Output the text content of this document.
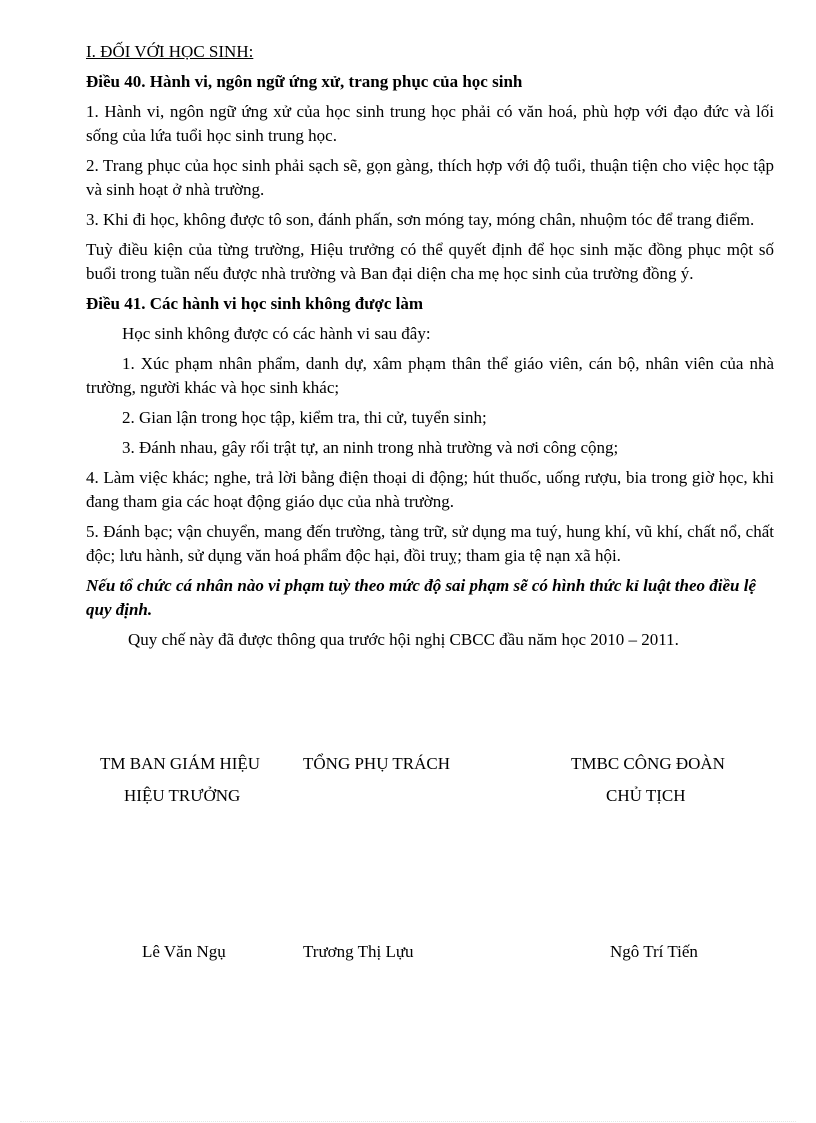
I. ĐỐI VỚI HỌC SINH:

Điều 40. Hành vi, ngôn ngữ ứng xử, trang phục của học sinh

1. Hành vi, ngôn ngữ ứng xử của học sinh trung học phải có văn hoá, phù hợp với đạo đức và lối sống của lứa tuổi học sinh trung học.

2. Trang phục của học sinh phải sạch sẽ, gọn gàng, thích hợp với độ tuổi, thuận tiện cho việc học tập và sinh hoạt ở nhà trường.

3. Khi đi học, không được tô son, đánh phấn, sơn móng tay, móng chân, nhuộm tóc để trang điểm.

Tuỳ điều kiện của từng trường, Hiệu trưởng có thể quyết định để học sinh mặc đồng phục một số buổi trong tuần nếu được nhà trường và Ban đại diện cha mẹ học sinh của trường đồng ý.

Điều 41. Các hành vi học sinh không được làm

Học sinh không được có các hành vi sau đây:

1. Xúc phạm nhân phẩm, danh dự, xâm phạm thân thể giáo viên, cán bộ, nhân viên của nhà trường, người khác và học sinh khác;

2. Gian lận trong học tập, kiểm tra, thi cử, tuyển sinh;

3. Đánh nhau, gây rối trật tự, an ninh trong nhà trường và nơi công cộng;

4. Làm việc khác; nghe, trả lời bằng điện thoại di động; hút thuốc, uống rượu, bia trong giờ học, khi đang tham gia các hoạt động giáo dục của nhà trường.

5. Đánh bạc; vận chuyển, mang đến trường, tàng trữ, sử dụng ma tuý, hung khí, vũ khí, chất nổ, chất độc; lưu hành, sử dụng văn hoá phẩm độc hại, đồi truỵ; tham gia tệ nạn xã hội.

Nếu tổ chức cá nhân nào vi phạm tuỳ theo mức độ sai phạm sẽ có hình thức kỉ luật theo điều lệ quy định.

Quy chế này đã được thông qua trước hội nghị CBCC đầu năm học 2010 – 2011.

TM BAN GIÁM HIỆU
HIỆU TRƯỞNG
Lê Văn Ngụ
TỔNG PHỤ TRÁCH
Trương Thị Lựu
TMBC CÔNG ĐOÀN
CHỦ TỊCH
Ngô Trí Tiến
